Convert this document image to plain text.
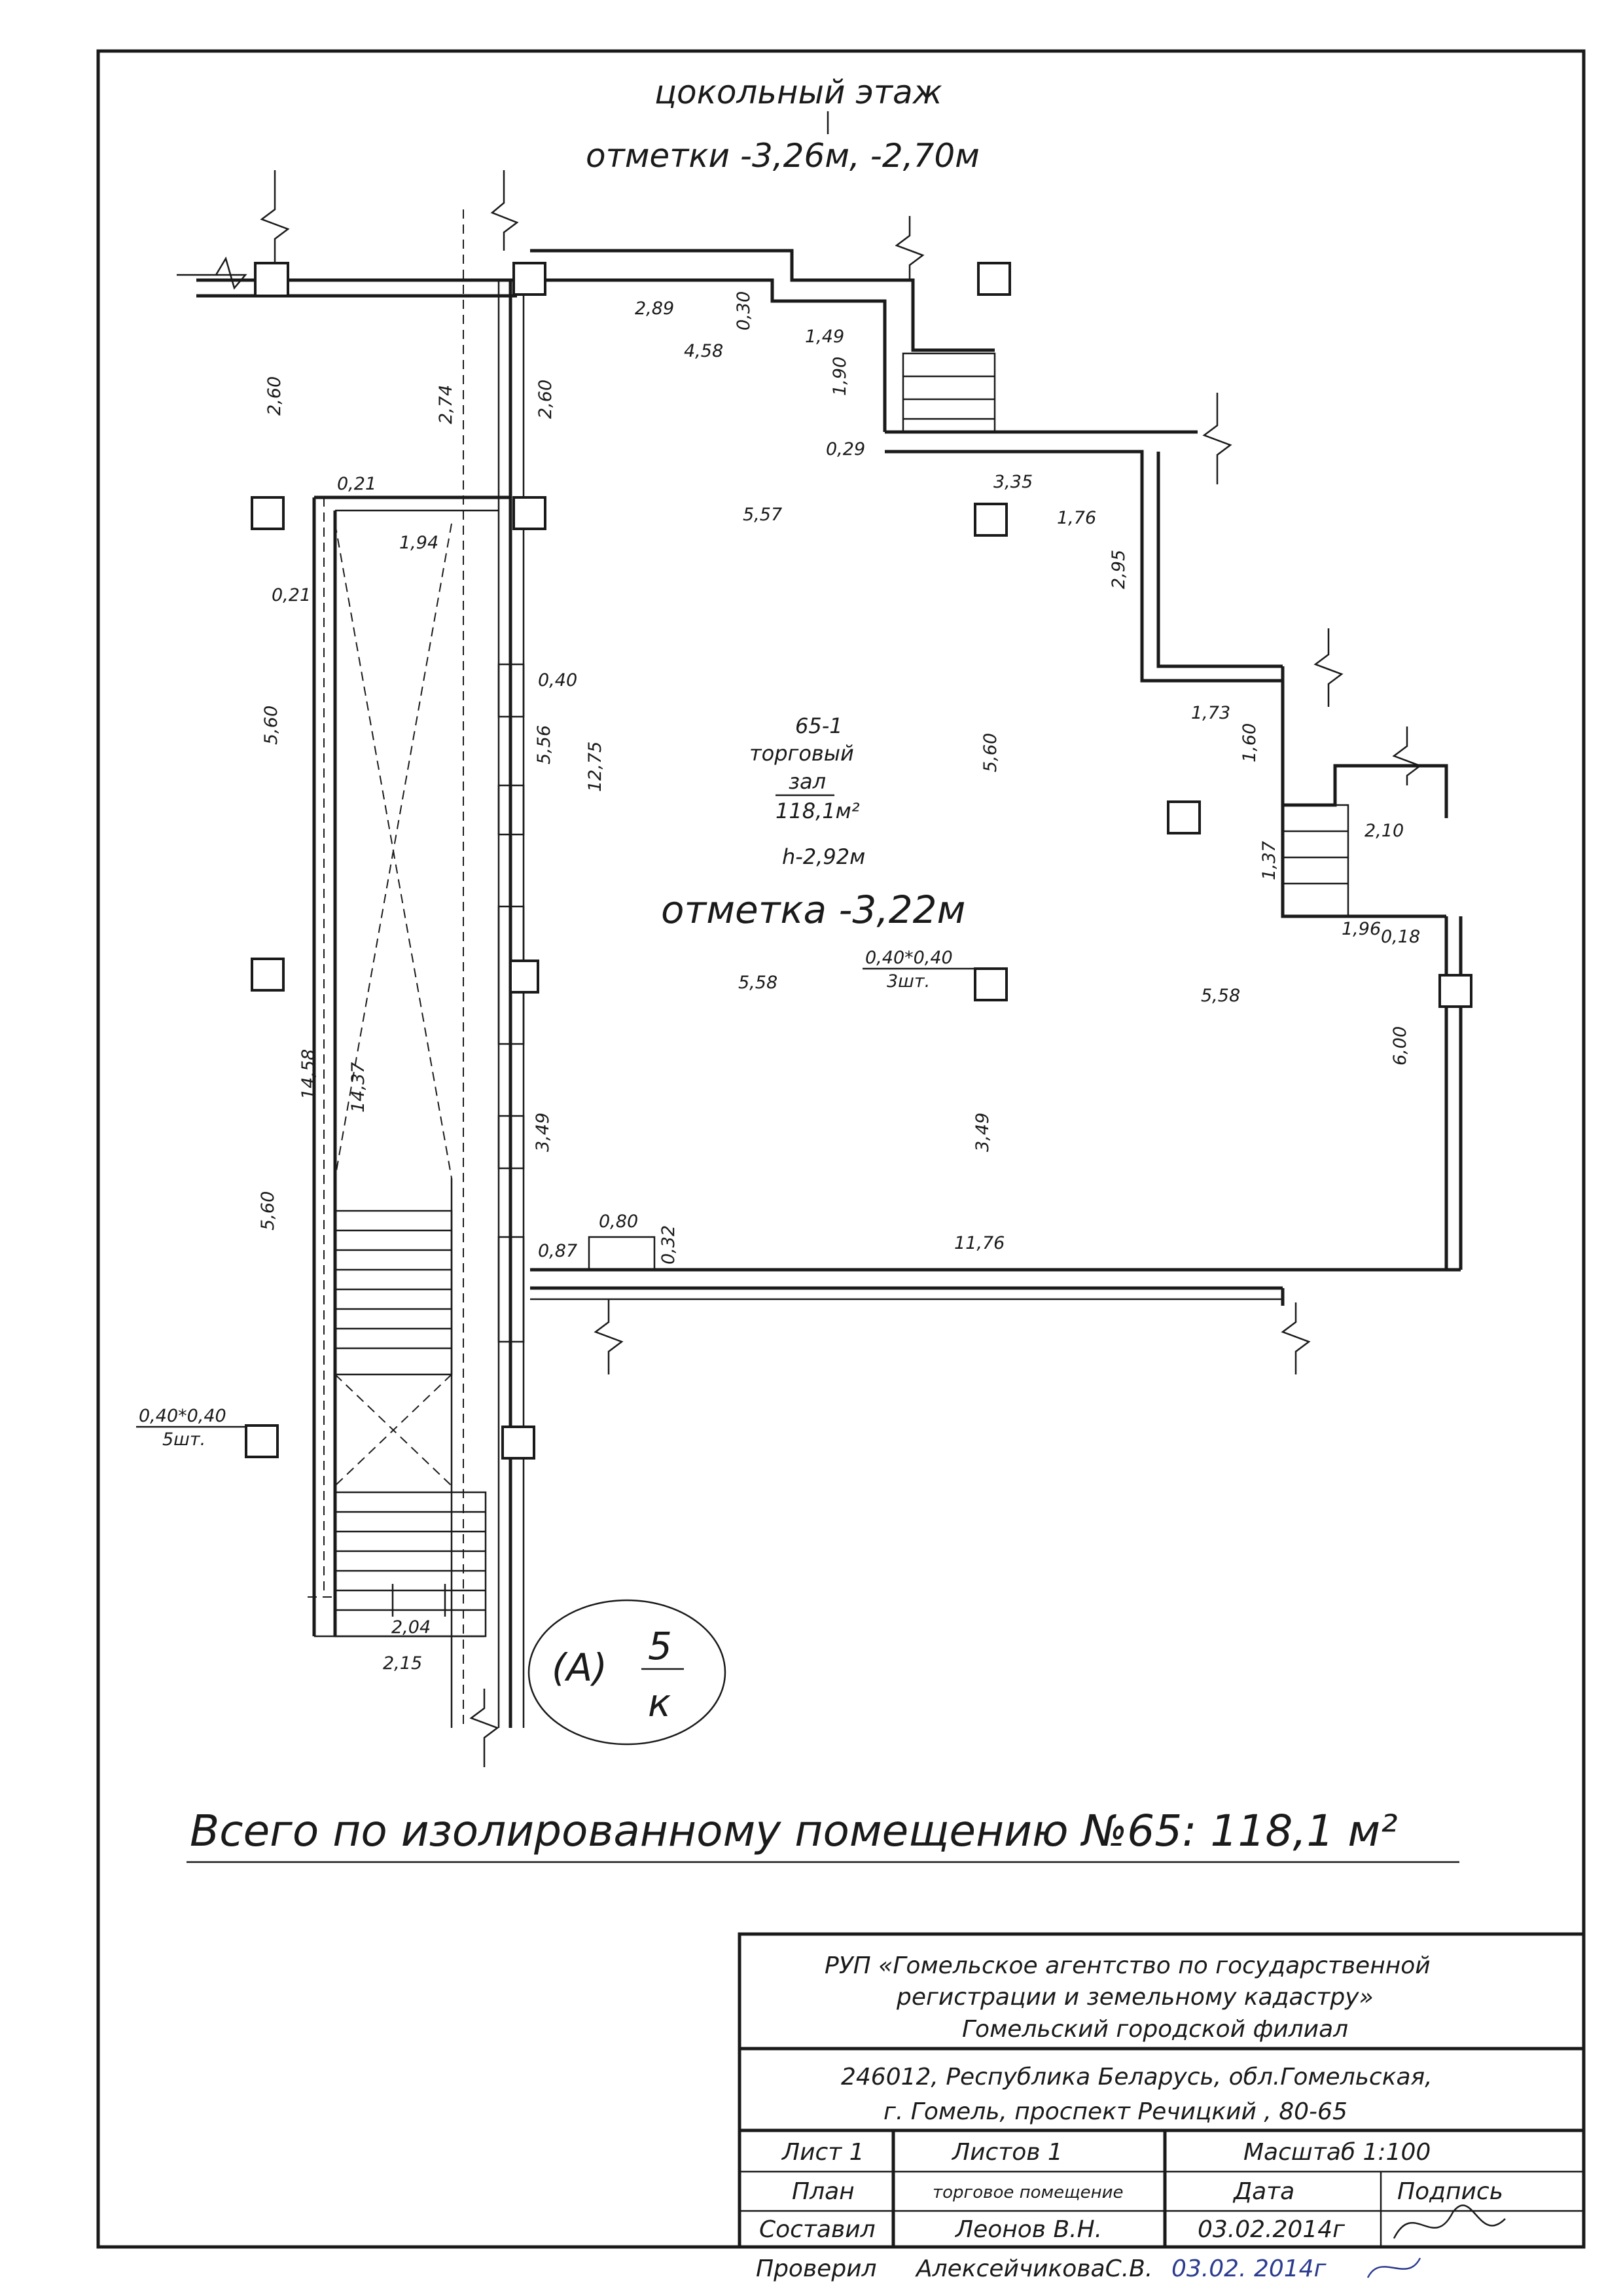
цокольный этаж
отметки -3,26м, -2,70м
65-1
торговый
зал
118,1м²
h-2,92м
отметка -3,22м
0,40*0,40
3шт.
0,40*0,40
5шт.
2,60	2,74	2,60
2,89	0,30
4,58
1,49
1,90
0,29
3,35
5,57	1,76
2,95
0,21
1,94
0,21
0,40
5,60	5,56 12,75	5,60
1,73
1,60
2,10
1,37
1,96 0,18
5,58
5,58
6,00
14,58 14,37
3,49	3,49
5,60	0,80
0,32
0,87	11,76
2,04
2,15	(A) 5
к
Всего по изолированному помещению №65: 118,1 м²
РУП «Гомельское агентство по государственной
регистрации и земельному кадастру»
Гомельский городской филиал
246012, Республика Беларусь, обл.Гомельская,
г. Гомель, проспект Речицкий , 80-65
Лист 1	Листов 1	Масштаб 1:100
План	торговое помещение	Дата	Подпись
Составил	Леонов В.Н.	03.02.2014г
Проверил АлексейчиковаС.В. 03.02. 2014г
